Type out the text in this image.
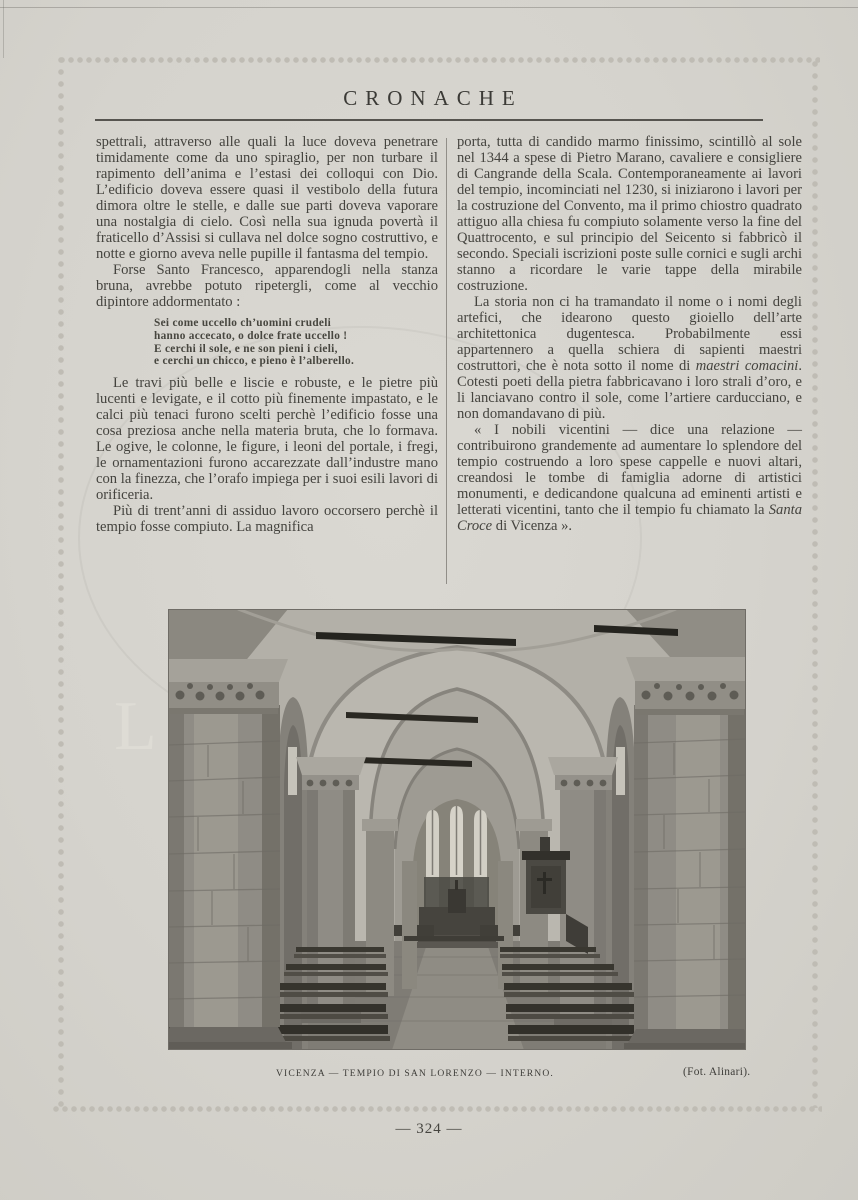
L
CRONACHE

spettrali, attraverso alle quali la luce doveva penetrare timidamente come da uno spiraglio, per non turbare il rapimento dell’anima e l’estasi dei colloqui con Dio. L’edificio doveva essere quasi il vestibolo della futura dimora oltre le stelle, e dalle sue parti doveva vaporare una nostalgia di cielo. Così nella sua ignuda povertà il fraticello d’Assisi si cullava nel dolce sogno costruttivo, e notte e giorno aveva nelle pupille il fantasma del tempio.

Forse Santo Francesco, apparendogli nella stanza bruna, avrebbe potuto ripetergli, come al vecchio dipintore addormentato :

Sei come uccello ch’uomini crudeli
hanno accecato, o dolce frate uccello !
E cerchi il sole, e ne son pieni i cieli,
e cerchi un chicco, e pieno è l’alberello.

Le travi più belle e liscie e robuste, e le pietre più lucenti e levigate, e il cotto più finemente impastato, e le calci più tenaci furono scelti perchè l’edificio fosse una cosa preziosa anche nella materia bruta, che lo formava. Le ogive, le colonne, le figure, i leoni del portale, i fregi, le ornamentazioni furono accarezzate dall’industre mano con la finezza, che l’orafo impiega per i suoi esili lavori di orificeria.

Più di trent’anni di assiduo lavoro occorsero perchè il tempio fosse compiuto. La magnifica

porta, tutta di candido marmo finissimo, scintillò al sole nel 1344 a spese di Pietro Marano, cavaliere e consigliere di Cangrande della Scala. Contemporaneamente ai lavori del tempio, incominciati nel 1230, si iniziarono i lavori per la costruzione del Convento, ma il primo chiostro quadrato attiguo alla chiesa fu compiuto solamente verso la fine del Quattrocento, e sul principio del Seicento si fabbricò il secondo. Speciali iscrizioni poste sulle cornici e sugli archi stanno a ricordare le varie tappe della mirabile costruzione.

La storia non ci ha tramandato il nome o i nomi degli artefici, che idearono questo gioiello dell’arte architettonica dugentesca. Probabilmente essi appartennero a quella schiera di sapienti maestri costruttori, che è nota sotto il nome di maestri comacini. Cotesti poeti della pietra fabbricavano i loro strali d’oro, e li lanciavano contro il sole, come l’artiere carducciano, e non domandavano di più.

« I nobili vicentini — dice una relazione — contribuirono grandemente ad aumentare lo splendore del tempio costruendo a loro spese cappelle e nuovi altari, creandosi le tombe di famiglia adorne di artistici monumenti, e dedicandone qualcuna ad eminenti artisti e letterati vicentini, tanto che il tempio fu chiamato la Santa Croce di Vicenza ».

VICENZA — TEMPIO DI SAN LORENZO — INTERNO.	(Fot. Alinari).
— 324 —
